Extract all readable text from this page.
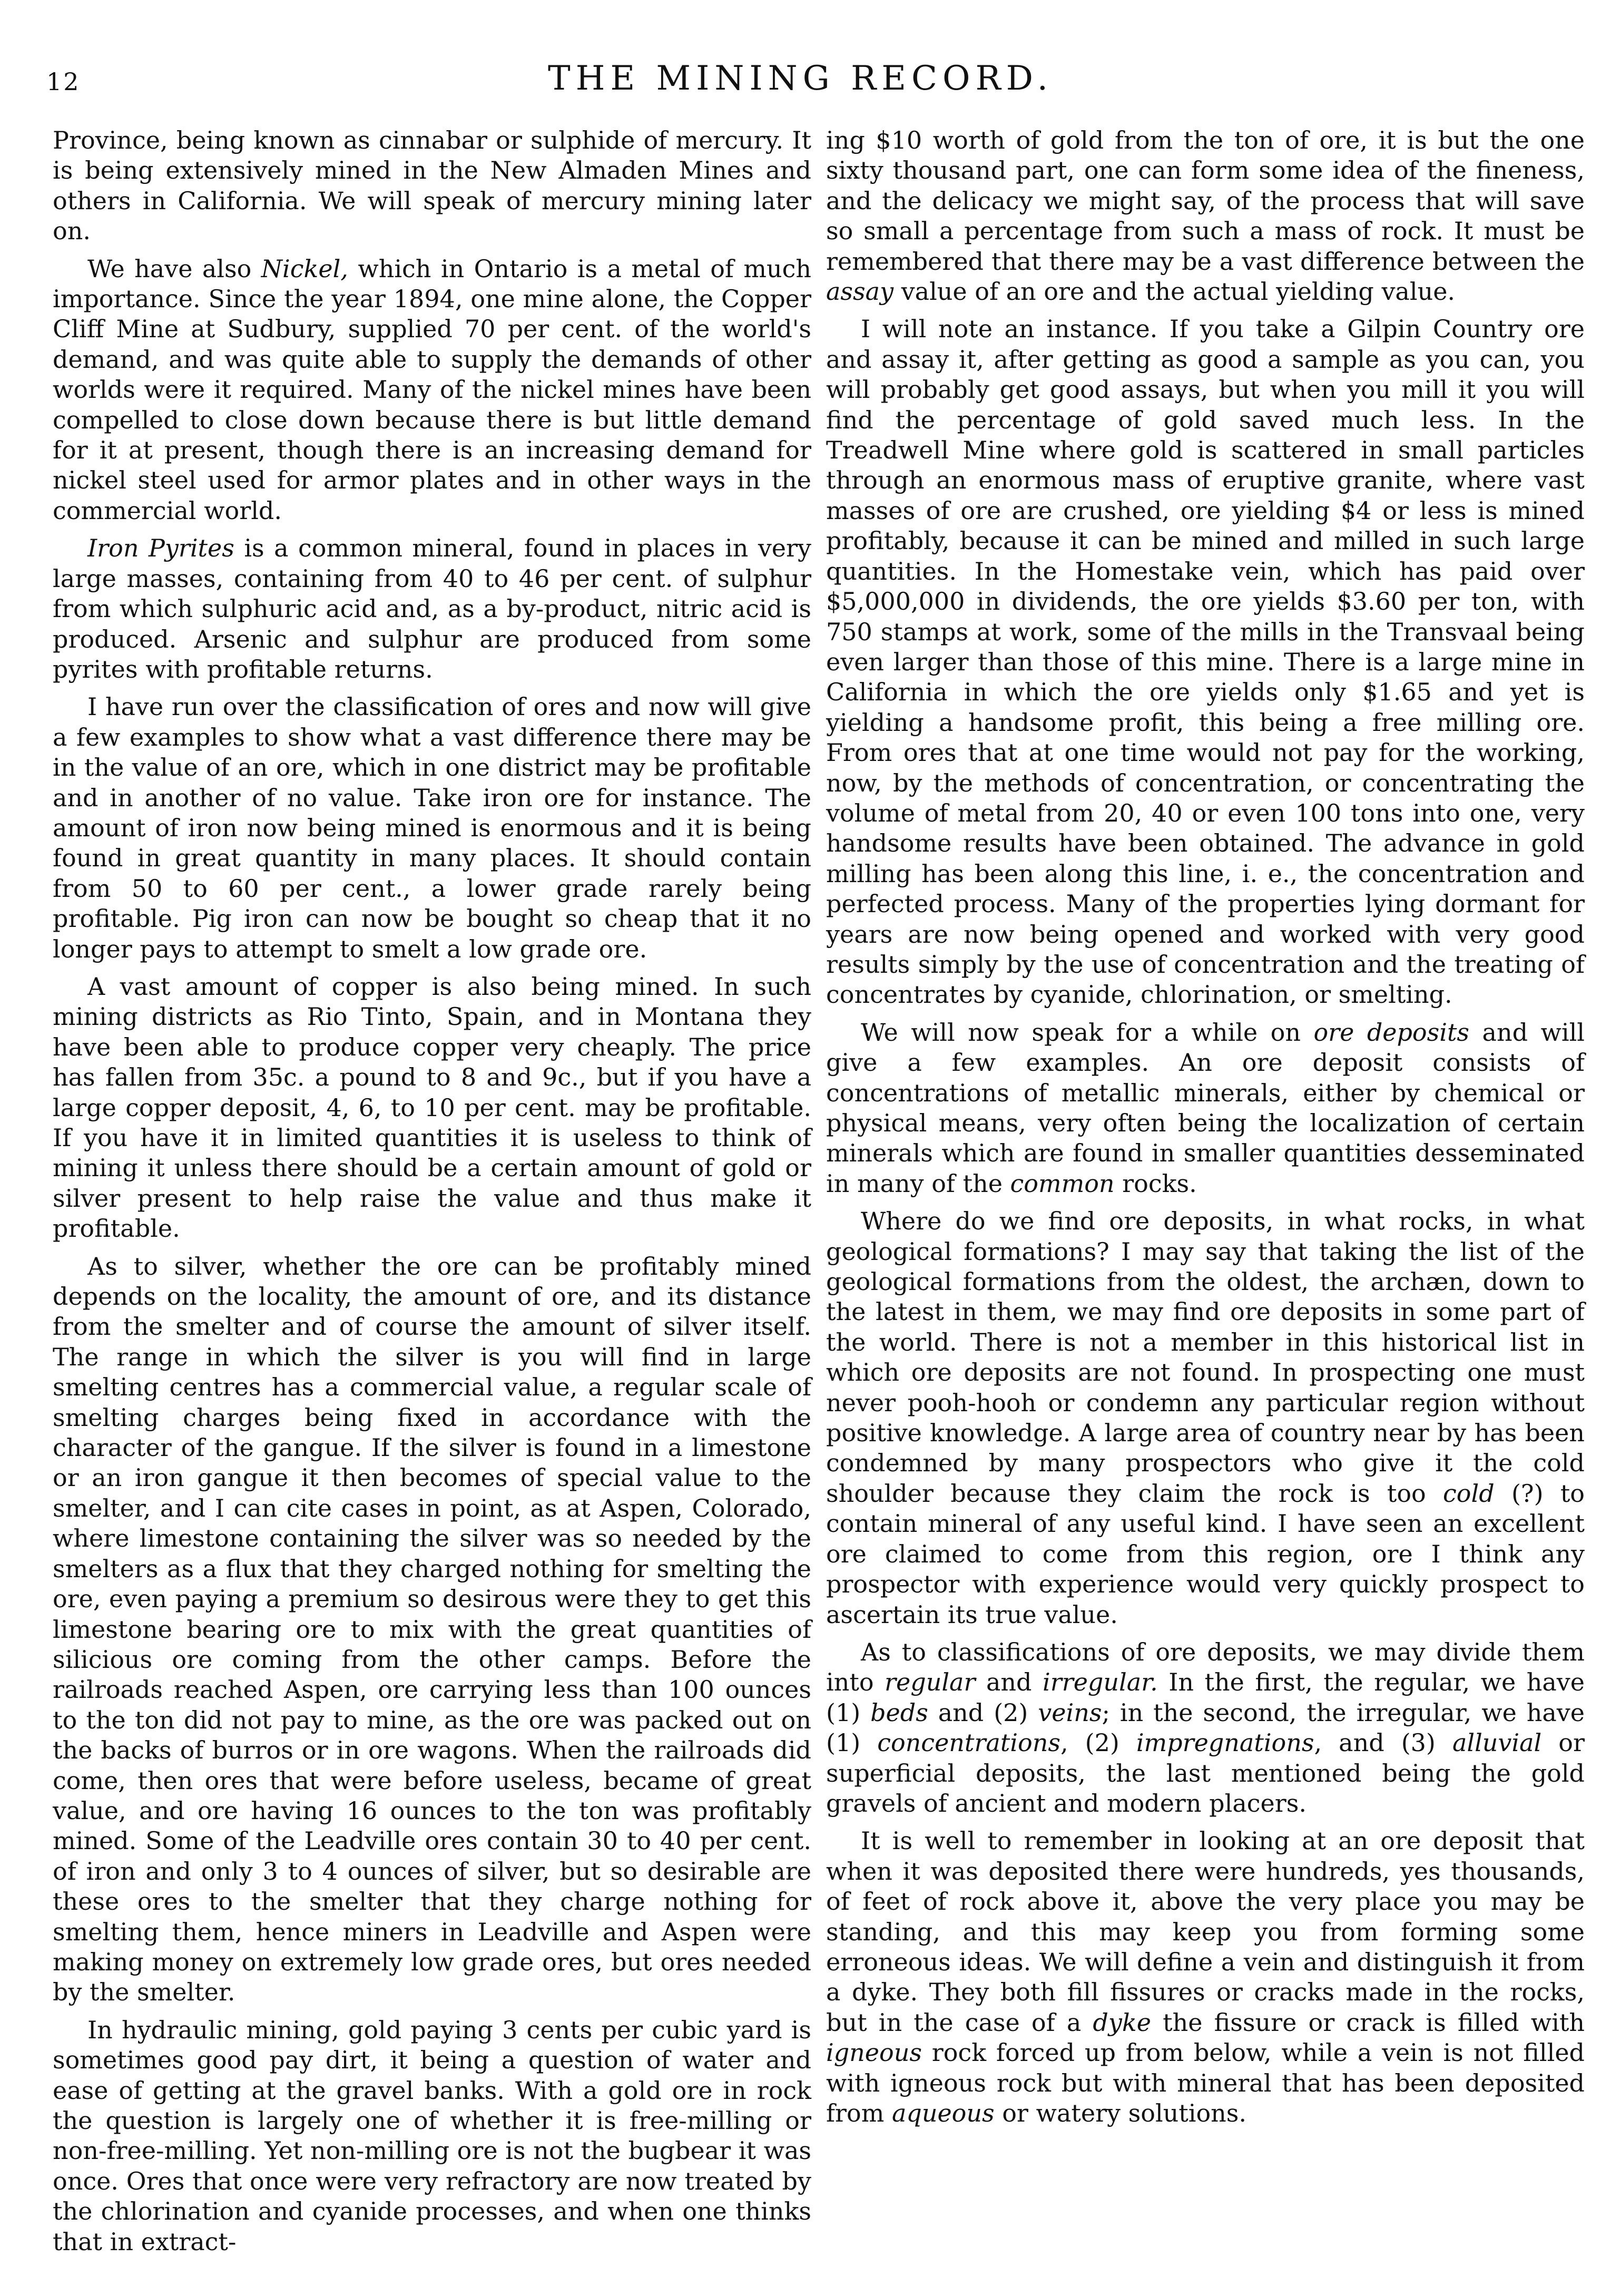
12	THE MINING RECORD.

Province, being known as cinnabar or sulphide of mercury. It is being extensively mined in the New Almaden Mines and others in California. We will speak of mercury mining later on.

We have also Nickel, which in Ontario is a metal of much importance. Since the year 1894, one mine alone, the Copper Cliff Mine at Sudbury, supplied 70 per cent. of the world's demand, and was quite able to supply the demands of other worlds were it required. Many of the nickel mines have been compelled to close down because there is but little demand for it at present, though there is an increasing demand for nickel steel used for armor plates and in other ways in the commercial world.

Iron Pyrites is a common mineral, found in places in very large masses, containing from 40 to 46 per cent. of sulphur from which sulphuric acid and, as a by-product, nitric acid is produced. Arsenic and sulphur are produced from some pyrites with profitable returns.

I have run over the classification of ores and now will give a few examples to show what a vast difference there may be in the value of an ore, which in one district may be profitable and in another of no value. Take iron ore for instance. The amount of iron now being mined is enormous and it is being found in great quantity in many places. It should contain from 50 to 60 per cent., a lower grade rarely being profitable. Pig iron can now be bought so cheap that it no longer pays to attempt to smelt a low grade ore.

A vast amount of copper is also being mined. In such mining districts as Rio Tinto, Spain, and in Montana they have been able to produce copper very cheaply. The price has fallen from 35c. a pound to 8 and 9c., but if you have a large copper deposit, 4, 6, to 10 per cent. may be profitable. If you have it in limited quantities it is useless to think of mining it unless there should be a certain amount of gold or silver present to help raise the value and thus make it profitable.

As to silver, whether the ore can be profitably mined depends on the locality, the amount of ore, and its distance from the smelter and of course the amount of silver itself. The range in which the silver is you will find in large smelting centres has a commercial value, a regular scale of smelting charges being fixed in accordance with the character of the gangue. If the silver is found in a limestone or an iron gangue it then becomes of special value to the smelter, and I can cite cases in point, as at Aspen, Colorado, where limestone containing the silver was so needed by the smelters as a flux that they charged nothing for smelting the ore, even paying a premium so desirous were they to get this limestone bearing ore to mix with the great quantities of silicious ore coming from the other camps. Before the railroads reached Aspen, ore carrying less than 100 ounces to the ton did not pay to mine, as the ore was packed out on the backs of burros or in ore wagons. When the railroads did come, then ores that were before useless, became of great value, and ore having 16 ounces to the ton was profitably mined. Some of the Leadville ores contain 30 to 40 per cent. of iron and only 3 to 4 ounces of silver, but so desirable are these ores to the smelter that they charge nothing for smelting them, hence miners in Leadville and Aspen were making money on extremely low grade ores, but ores needed by the smelter.

In hydraulic mining, gold paying 3 cents per cubic yard is sometimes good pay dirt, it being a question of water and ease of getting at the gravel banks. With a gold ore in rock the question is largely one of whether it is free-milling or non-free-milling. Yet non-milling ore is not the bugbear it was once. Ores that once were very refractory are now treated by the chlorination and cyanide processes, and when one thinks that in extract-

ing $10 worth of gold from the ton of ore, it is but the one sixty thousand part, one can form some idea of the fineness, and the delicacy we might say, of the process that will save so small a percentage from such a mass of rock. It must be remembered that there may be a vast difference between the assay value of an ore and the actual yielding value.

I will note an instance. If you take a Gilpin Country ore and assay it, after getting as good a sample as you can, you will probably get good assays, but when you mill it you will find the percentage of gold saved much less. In the Treadwell Mine where gold is scattered in small particles through an enormous mass of eruptive granite, where vast masses of ore are crushed, ore yielding $4 or less is mined profitably, because it can be mined and milled in such large quantities. In the Homestake vein, which has paid over $5,000,000 in dividends, the ore yields $3.60 per ton, with 750 stamps at work, some of the mills in the Transvaal being even larger than those of this mine. There is a large mine in California in which the ore yields only $1.65 and yet is yielding a handsome profit, this being a free milling ore. From ores that at one time would not pay for the working, now, by the methods of concentration, or concentrating the volume of metal from 20, 40 or even 100 tons into one, very handsome results have been obtained. The advance in gold milling has been along this line, i. e., the concentration and perfected process. Many of the properties lying dormant for years are now being opened and worked with very good results simply by the use of concentration and the treating of concentrates by cyanide, chlorination, or smelting.

We will now speak for a while on ore deposits and will give a few examples. An ore deposit consists of concentrations of metallic minerals, either by chemical or physical means, very often being the localization of certain minerals which are found in smaller quantities desseminated in many of the common rocks.

Where do we find ore deposits, in what rocks, in what geological formations? I may say that taking the list of the geological formations from the oldest, the archæn, down to the latest in them, we may find ore deposits in some part of the world. There is not a member in this historical list in which ore deposits are not found. In prospecting one must never pooh-hooh or condemn any particular region without positive knowledge. A large area of country near by has been condemned by many prospectors who give it the cold shoulder because they claim the rock is too cold (?) to contain mineral of any useful kind. I have seen an excellent ore claimed to come from this region, ore I think any prospector with experience would very quickly prospect to ascertain its true value.

As to classifications of ore deposits, we may divide them into regular and irregular. In the first, the regular, we have (1) beds and (2) veins; in the second, the irregular, we have (1) concentrations, (2) impregnations, and (3) alluvial or superficial deposits, the last mentioned being the gold gravels of ancient and modern placers.

It is well to remember in looking at an ore deposit that when it was deposited there were hundreds, yes thousands, of feet of rock above it, above the very place you may be standing, and this may keep you from forming some erroneous ideas. We will define a vein and distinguish it from a dyke. They both fill fissures or cracks made in the rocks, but in the case of a dyke the fissure or crack is filled with igneous rock forced up from below, while a vein is not filled with igneous rock but with mineral that has been deposited from aqueous or watery solutions.
